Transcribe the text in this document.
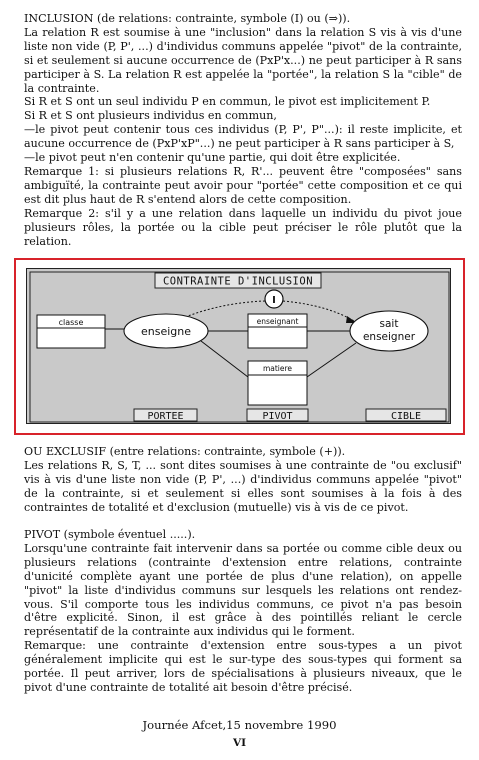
INCLUSION (de relations: contrainte, symbole (I) ou (⇒)).

La relation R est soumise à une "inclusion" dans la relation S vis à vis d'une liste non vide (P, P', ...) d'individus communs appelée "pivot" de la contrainte, si et seulement si aucune occurrence de (PxP'x...) ne peut participer à R sans participer à S. La relation R est appelée la "portée", la relation S la "cible" de la contrainte.

Si R et S ont un seul individu P en commun, le pivot est implicitement P.

Si R et S ont plusieurs individus en commun,

—le pivot peut contenir tous ces individus (P, P', P"...): il reste implicite, et aucune occurrence de (PxP'xP"...) ne peut participer à R sans participer à S,

—le pivot peut n'en contenir qu'une partie, qui doit être explicitée.

Remarque 1: si plusieurs relations R, R'... peuvent être "composées" sans ambiguïté, la contrainte peut avoir pour "portée" cette composition et ce qui est dit plus haut de R s'entend alors de cette composition.

Remarque 2: s'il y a une relation dans laquelle un individu du pivot joue plusieurs rôles, la portée ou la cible peut préciser le rôle plutôt que la relation.

CONTRAINTE D'INCLUSION
I
classe	enseignant
matiere
enseigne
sait
enseigner
PORTEE	PIVOT	CIBLE

OU EXCLUSIF (entre relations: contrainte, symbole (+)).

Les relations R, S, T, ... sont dites soumises à une contrainte de "ou exclusif" vis à vis d'une liste non vide (P, P', ...) d'individus communs appelée "pivot" de la contrainte, si et seulement si elles sont soumises à la fois à des contraintes de totalité et d'exclusion (mutuelle) vis à vis de ce pivot.

PIVOT (symbole éventuel .....).

Lorsqu'une contrainte fait intervenir dans sa portée ou comme cible deux ou plusieurs relations (contrainte d'extension entre relations, contrainte d'unicité complète ayant une portée de plus d'une relation), on appelle "pivot" la liste d'individus communs sur lesquels les relations ont rendez-vous. S'il comporte tous les individus communs, ce pivot n'a pas besoin d'être explicité. Sinon, il est grâce à des pointillés reliant le cercle représentatif de la contrainte aux individus qui le forment.

Remarque: une contrainte d'extension entre sous-types a un pivot généralement implicite qui est le sur-type des sous-types qui forment sa portée. Il peut arriver, lors de spécialisations à plusieurs niveaux, que le pivot d'une contrainte de totalité ait besoin d'être précisé.

Journée Afcet,15 novembre 1990
VI
